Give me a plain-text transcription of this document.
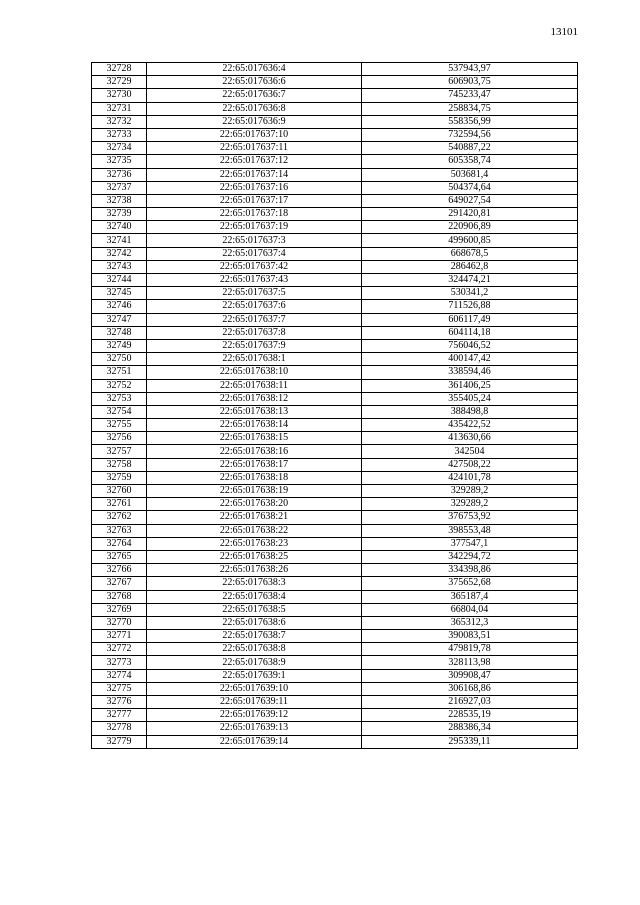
13101
32728	22:65:017636:4	537943,97
32729	22:65:017636:6	606903,75
32730	22:65:017636:7	745233,47
32731	22:65:017636:8	258834,75
32732	22:65:017636:9	558356,99
32733	22:65:017637:10	732594,56
32734	22:65:017637:11	540887,22
32735	22:65:017637:12	605358,74
32736	22:65:017637:14	503681,4
32737	22:65:017637:16	504374,64
32738	22:65:017637:17	649027,54
32739	22:65:017637:18	291420,81
32740	22:65:017637:19	220906,89
32741	22:65:017637:3	499600,85
32742	22:65:017637:4	668678,5
32743	22:65:017637:42	286462,8
32744	22:65:017637:43	324474,21
32745	22:65:017637:5	530341,2
32746	22:65:017637:6	711526,88
32747	22:65:017637:7	606117,49
32748	22:65:017637:8	604114,18
32749	22:65:017637:9	756046,52
32750	22:65:017638:1	400147,42
32751	22:65:017638:10	338594,46
32752	22:65:017638:11	361406,25
32753	22:65:017638:12	355405,24
32754	22:65:017638:13	388498,8
32755	22:65:017638:14	435422,52
32756	22:65:017638:15	413630,66
32757	22:65:017638:16	342504
32758	22:65:017638:17	427508,22
32759	22:65:017638:18	424101,78
32760	22:65:017638:19	329289,2
32761	22:65:017638:20	329289,2
32762	22:65:017638:21	376753,92
32763	22:65:017638:22	398553,48
32764	22:65:017638:23	377547,1
32765	22:65:017638:25	342294,72
32766	22:65:017638:26	334398,86
32767	22:65:017638:3	375652,68
32768	22:65:017638:4	365187,4
32769	22:65:017638:5	66804,04
32770	22:65:017638:6	365312,3
32771	22:65:017638:7	390083,51
32772	22:65:017638:8	479819,78
32773	22:65:017638:9	328113,98
32774	22:65:017639:1	309908,47
32775	22:65:017639:10	306168,86
32776	22:65:017639:11	216927,03
32777	22:65:017639:12	228535,19
32778	22:65:017639:13	288386,34
32779	22:65:017639:14	295339,11
